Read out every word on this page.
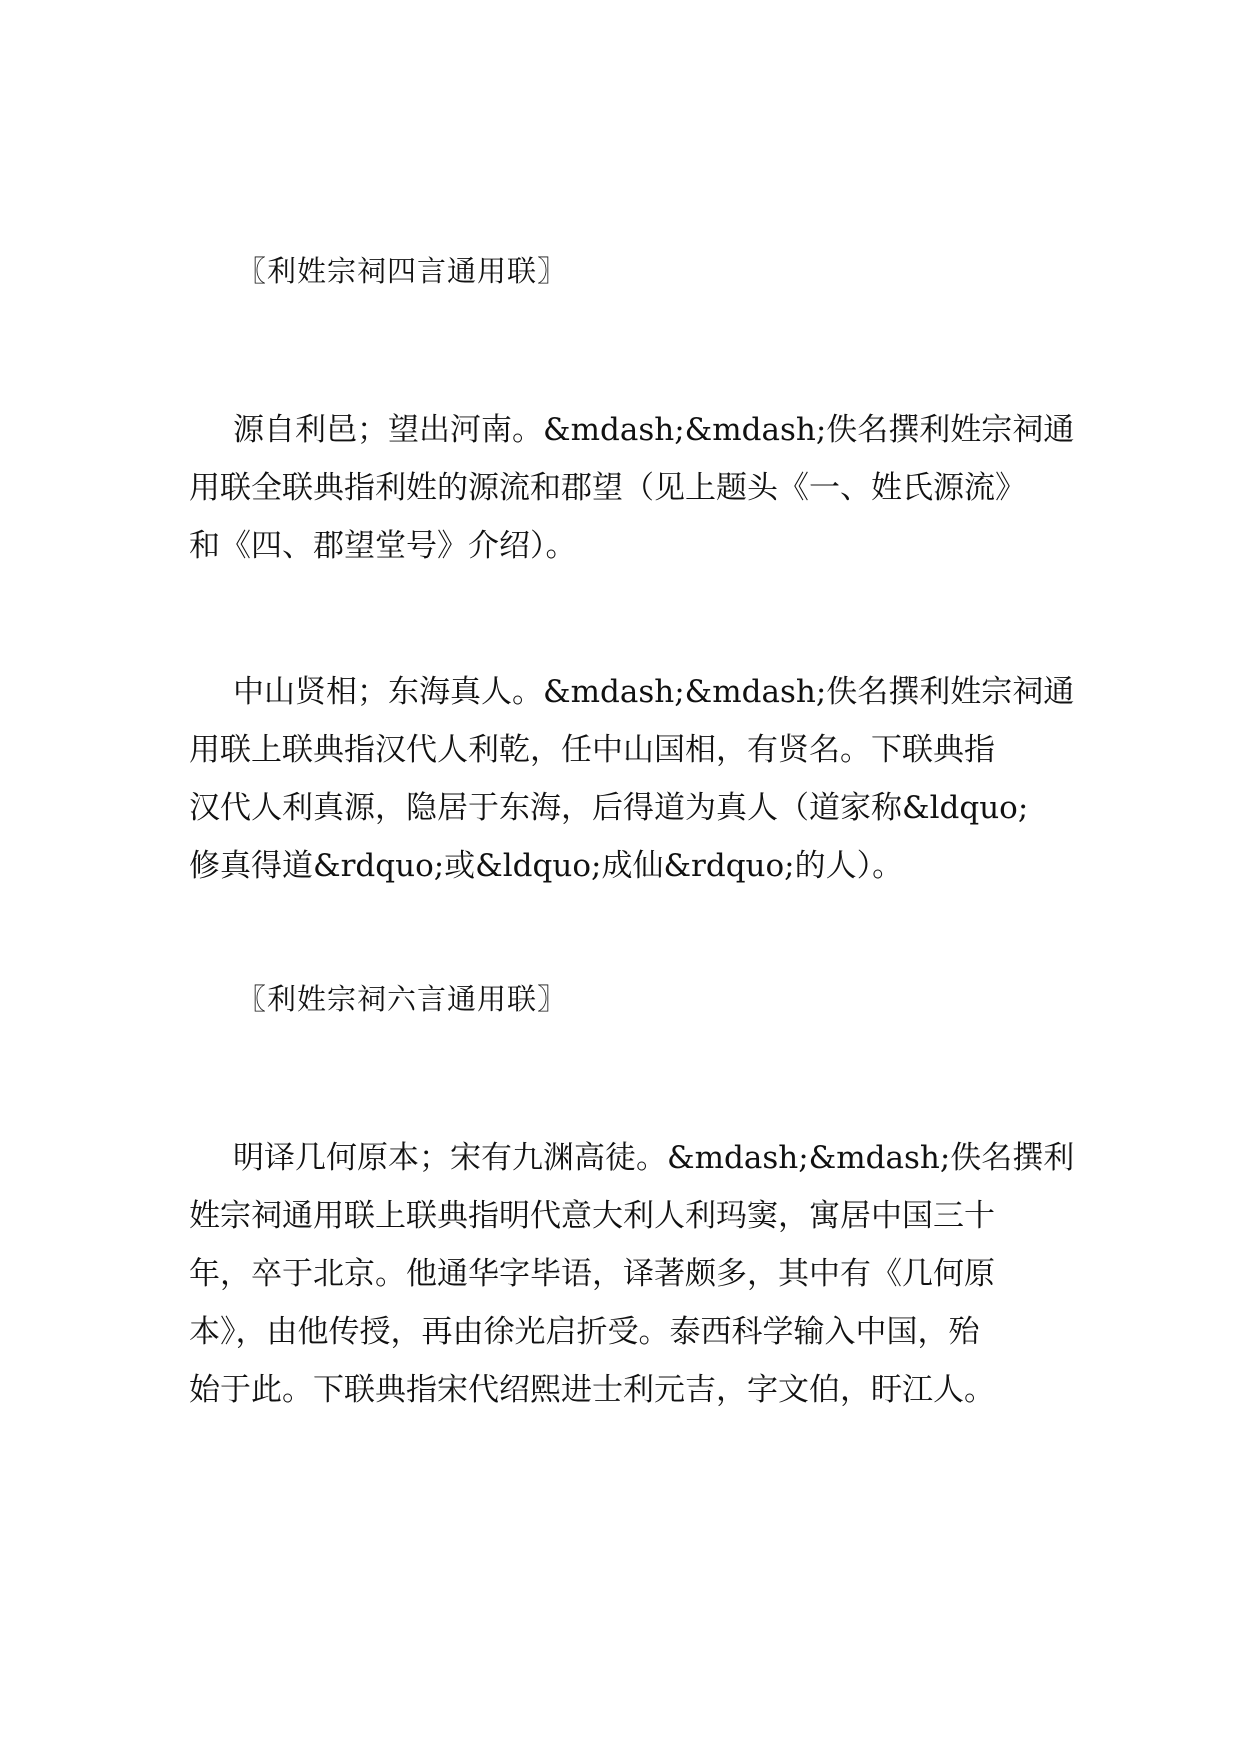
〖利姓宗祠四言通用联〗
源自利邑；望出河南。&mdash;&mdash;佚名撰利姓宗祠通
用联全联典指利姓的源流和郡望（见上题头《一、姓氏源流》
和《四、郡望堂号》介绍）。
中山贤相；东海真人。&mdash;&mdash;佚名撰利姓宗祠通
用联上联典指汉代人利乾，任中山国相，有贤名。下联典指
汉代人利真源，隐居于东海，后得道为真人（道家称&ldquo;
修真得道&rdquo;或&ldquo;成仙&rdquo;的人）。
〖利姓宗祠六言通用联〗
明译几何原本；宋有九渊高徒。&mdash;&mdash;佚名撰利
姓宗祠通用联上联典指明代意大利人利玛窦，寓居中国三十
年，卒于北京。他通华字毕语，译著颇多，其中有《几何原
本》，由他传授，再由徐光启折受。泰西科学输入中国，殆
始于此。下联典指宋代绍熙进士利元吉，字文伯，盱江人。
